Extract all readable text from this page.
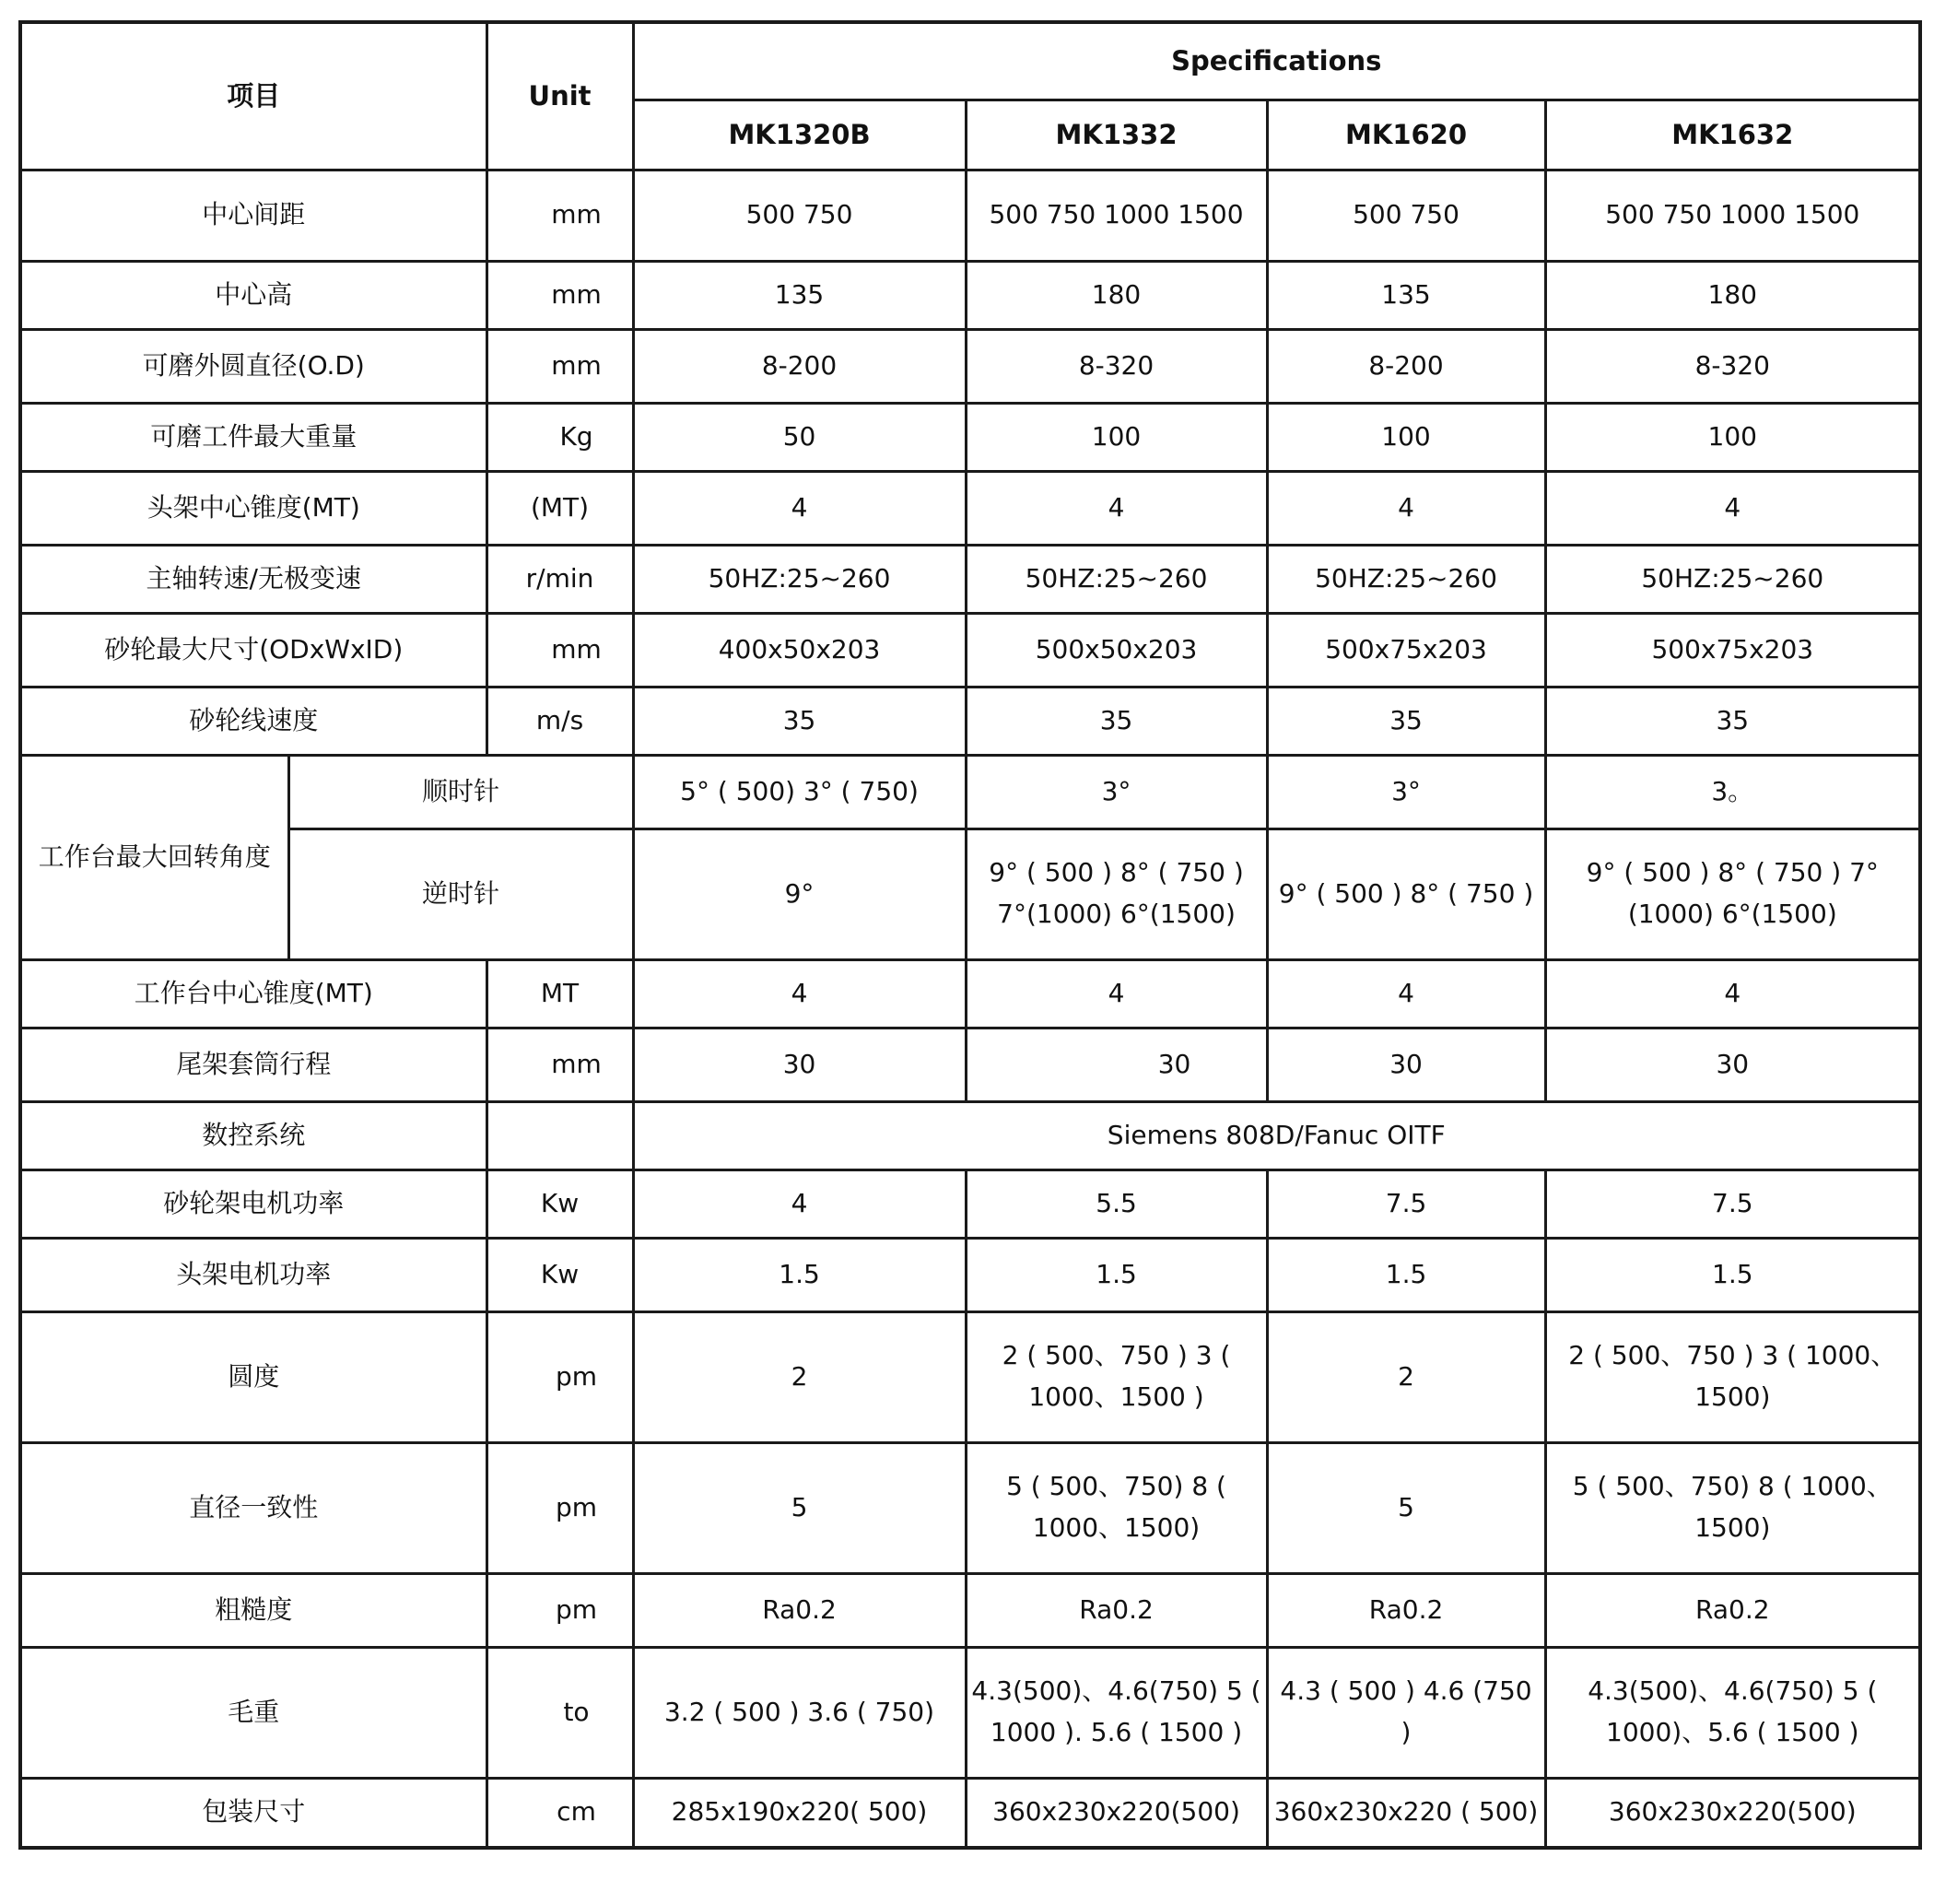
项目		Unit	Specifications			
			MK1320B	MK1332	MK1620	MK1632
中心间距		mm	500 750	500 750 1000 1500	500 750	500 750 1000 1500
中心高		mm	135	180	135	180
可磨外圆直径(O.D)		mm	8-200	8-320	8-200	8-320
可磨工件最大重量		Kg	50	100	100	100
头架中心锥度(MT)		(MT)	4	4	4	4
主轴转速/无极变速		r/min	50HZ:25~260	50HZ:25~260	50HZ:25~260	50HZ:25~260
砂轮最大尺寸(ODxWxID)		mm	400x50x203	500x50x203	500x75x203	500x75x203
砂轮线速度		m/s	35	35	35	35
工作台最大回转角度	顺时针		5° ( 500) 3° ( 750)	3°	3°	3。
	逆时针		9°	9° ( 500 ) 8° ( 750 ) 7°(1000) 6°(1500)	9° ( 500 ) 8° ( 750 )	9° ( 500 ) 8° ( 750 ) 7°(1000) 6°(1500)
工作台中心锥度(MT)		MT	4	4	4	4
尾架套筒行程		mm	30	30	30	30
数控系统			Siemens 808D/Fanuc OITF			
砂轮架电机功率		Kw	4	5.5	7.5	7.5
头架电机功率		Kw	1.5	1.5	1.5	1.5
圆度		pm	2	2 ( 500、750 ) 3 ( 1000、1500 )	2	2 ( 500、750 ) 3 ( 1000、1500)
直径一致性		pm	5	5 ( 500、750) 8 ( 1000、1500)	5	5 ( 500、750) 8 ( 1000、1500)
粗糙度		pm	Ra0.2	Ra0.2	Ra0.2	Ra0.2
毛重		to	3.2 ( 500 ) 3.6 ( 750)	4.3(500)、4.6(750) 5 ( 1000 ). 5.6 ( 1500 )	4.3 ( 500 ) 4.6 (750 )	4.3(500)、4.6(750) 5 ( 1000)、5.6 ( 1500 )
包装尺寸		cm	285x190x220( 500)	360x230x220(500)	360x230x220 ( 500)	360x230x220(500)
